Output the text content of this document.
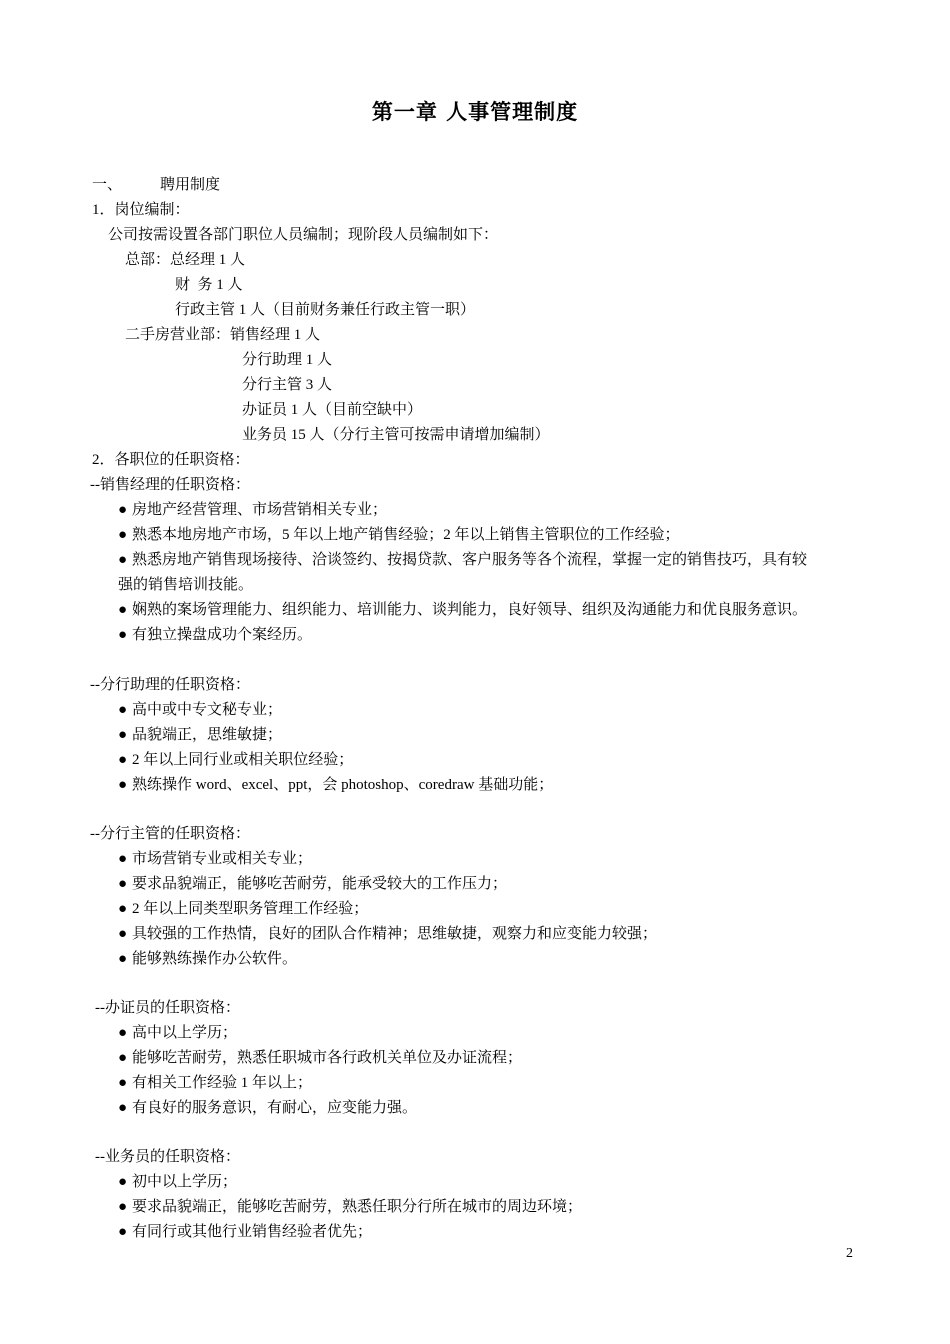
第一章 人事管理制度
一、	聘用制度
1．岗位编制：
公司按需设置各部门职位人员编制；现阶段人员编制如下：
总部：总经理 1 人
财  务 1 人
行政主管 1 人（目前财务兼任行政主管一职）
二手房营业部：销售经理 1 人
分行助理 1 人
分行主管 3 人
办证员 1 人（目前空缺中）
业务员 15 人（分行主管可按需申请增加编制）
2．各职位的任职资格：
--销售经理的任职资格：
● 房地产经营管理、市场营销相关专业；
● 熟悉本地房地产市场，5 年以上地产销售经验；2 年以上销售主管职位的工作经验；
● 熟悉房地产销售现场接待、洽谈签约、按揭贷款、客户服务等各个流程，掌握一定的销售技巧，具有较
强的销售培训技能。
● 娴熟的案场管理能力、组织能力、培训能力、谈判能力，良好领导、组织及沟通能力和优良服务意识。
● 有独立操盘成功个案经历。
--分行助理的任职资格：
● 高中或中专文秘专业；
● 品貌端正，思维敏捷；
● 2 年以上同行业或相关职位经验；
● 熟练操作 word、excel、ppt，会 photoshop、coredraw 基础功能；
--分行主管的任职资格：
● 市场营销专业或相关专业；
● 要求品貌端正，能够吃苦耐劳，能承受较大的工作压力；
● 2 年以上同类型职务管理工作经验；
● 具较强的工作热情，良好的团队合作精神；思维敏捷，观察力和应变能力较强；
● 能够熟练操作办公软件。
--办证员的任职资格：
● 高中以上学历；
● 能够吃苦耐劳，熟悉任职城市各行政机关单位及办证流程；
● 有相关工作经验 1 年以上；
● 有良好的服务意识，有耐心，应变能力强。
--业务员的任职资格：
● 初中以上学历；
● 要求品貌端正，能够吃苦耐劳，熟悉任职分行所在城市的周边环境；
● 有同行或其他行业销售经验者优先；
2
